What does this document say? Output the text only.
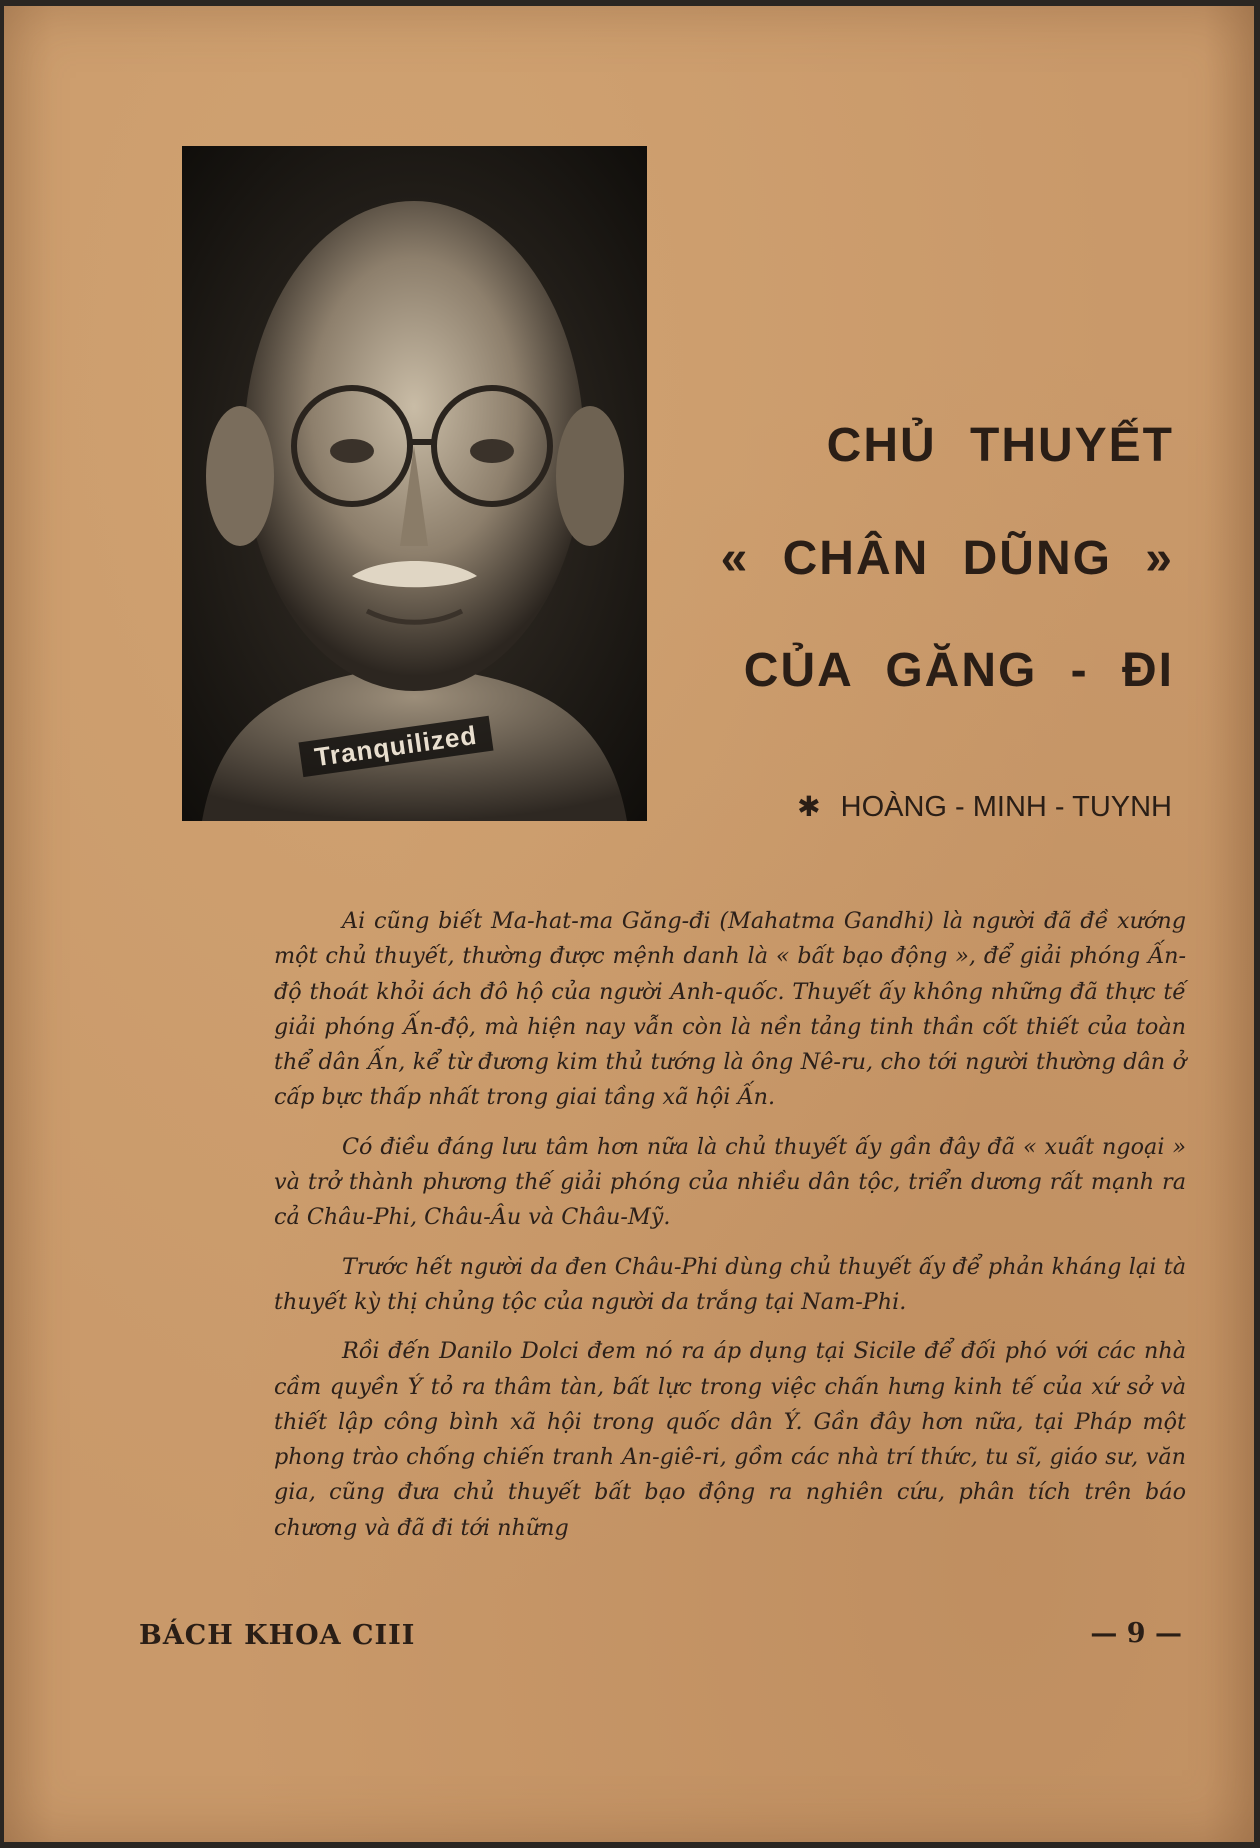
Tranquilized
CHỦ THUYẾT
« CHÂN DŨNG »
CỦA GĂNG - ĐI
✱ HOÀNG - MINH - TUYNH

Ai cũng biết Ma-hat-ma Găng-đi (Mahatma Gandhi) là người đã đề xướng một chủ thuyết, thường được mệnh danh là « bất bạo động », để giải phóng Ấn-độ thoát khỏi ách đô hộ của người Anh-quốc. Thuyết ấy không những đã thực tế giải phóng Ấn-độ, mà hiện nay vẫn còn là nền tảng tinh thần cốt thiết của toàn thể dân Ấn, kể từ đương kim thủ tướng là ông Nê-ru, cho tới người thường dân ở cấp bực thấp nhất trong giai tầng xã hội Ấn.

Có điều đáng lưu tâm hơn nữa là chủ thuyết ấy gần đây đã « xuất ngoại » và trở thành phương thế giải phóng của nhiều dân tộc, triển dương rất mạnh ra cả Châu-Phi, Châu-Âu và Châu-Mỹ.

Trước hết người da đen Châu-Phi dùng chủ thuyết ấy để phản kháng lại tà thuyết kỳ thị chủng tộc của người da trắng tại Nam-Phi.

Rồi đến Danilo Dolci đem nó ra áp dụng tại Sicile để đối phó với các nhà cầm quyền Ý tỏ ra thâm tàn, bất lực trong việc chấn hưng kinh tế của xứ sở và thiết lập công bình xã hội trong quốc dân Ý. Gần đây hơn nữa, tại Pháp một phong trào chống chiến tranh An-giê-ri, gồm các nhà trí thức, tu sĩ, giáo sư, văn gia, cũng đưa chủ thuyết bất bạo động ra nghiên cứu, phân tích trên báo chương và đã đi tới những

BÁCH KHOA CIII	— 9 —
